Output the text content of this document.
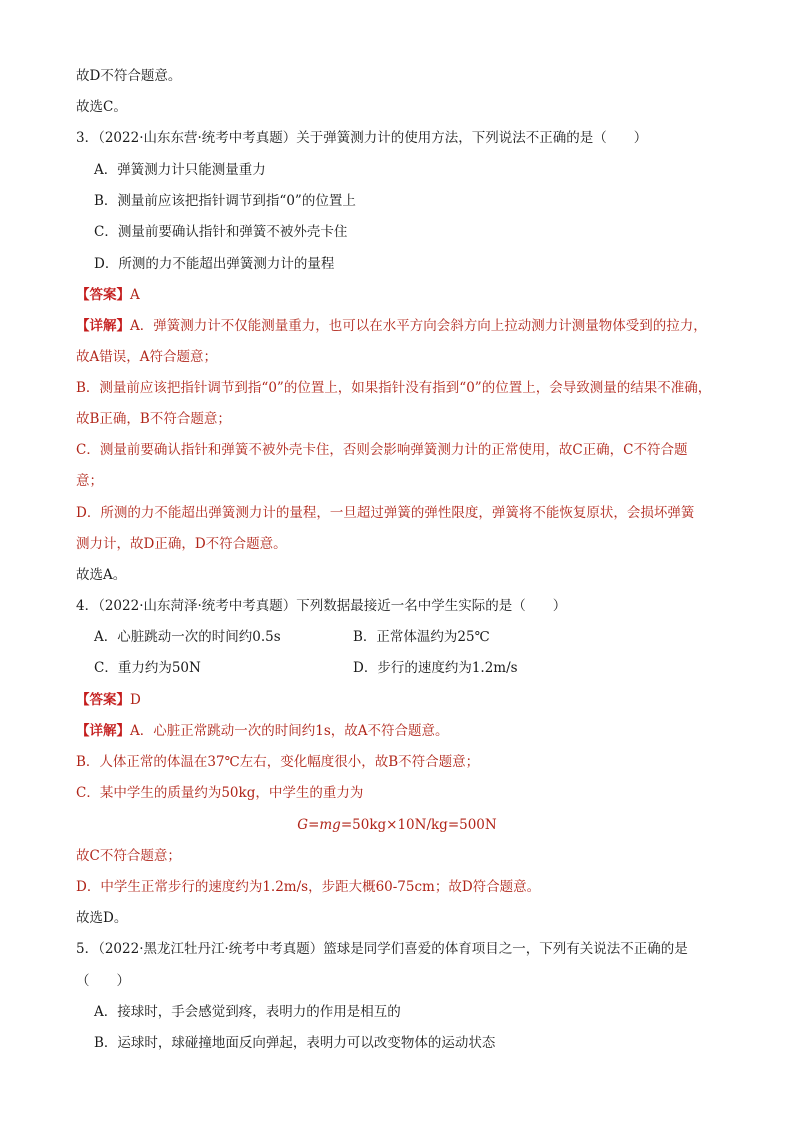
故D不符合题意。
故选C。
3．（2022·山东东营·统考中考真题）关于弹簧测力计的使用方法，下列说法不正确的是（　　）
A．弹簧测力计只能测量重力
B．测量前应该把指针调节到指“0”的位置上
C．测量前要确认指针和弹簧不被外壳卡住
D．所测的力不能超出弹簧测力计的量程
【答案】A
【详解】A．弹簧测力计不仅能测量重力，也可以在水平方向会斜方向上拉动测力计测量物体受到的拉力，
故A错误，A符合题意；
B．测量前应该把指针调节到指“0”的位置上，如果指针没有指到“0”的位置上，会导致测量的结果不准确，
故B正确，B不符合题意；
C．测量前要确认指针和弹簧不被外壳卡住，否则会影响弹簧测力计的正常使用，故C正确，C不符合题
意；
D．所测的力不能超出弹簧测力计的量程，一旦超过弹簧的弹性限度，弹簧将不能恢复原状，会损坏弹簧
测力计，故D正确，D不符合题意。
故选A。
4．（2022·山东菏泽·统考中考真题）下列数据最接近一名中学生实际的是（　　）
A．心脏跳动一次的时间约0.5s	B．正常体温约为25℃
C．重力约为50N	D．步行的速度约为1.2m/s
【答案】D
【详解】A．心脏正常跳动一次的时间约1s，故A不符合题意。
B．人体正常的体温在37℃左右，变化幅度很小，故B不符合题意；
C．某中学生的质量约为50kg，中学生的重力为
G=mg=50kg×10N/kg=500N
故C不符合题意；
D．中学生正常步行的速度约为1.2m/s，步距大概60-75cm；故D符合题意。
故选D。
5．（2022·黑龙江牡丹江·统考中考真题）篮球是同学们喜爱的体育项目之一，下列有关说法不正确的是
（　　）
A．接球时，手会感觉到疼，表明力的作用是相互的
B．运球时，球碰撞地面反向弹起，表明力可以改变物体的运动状态
